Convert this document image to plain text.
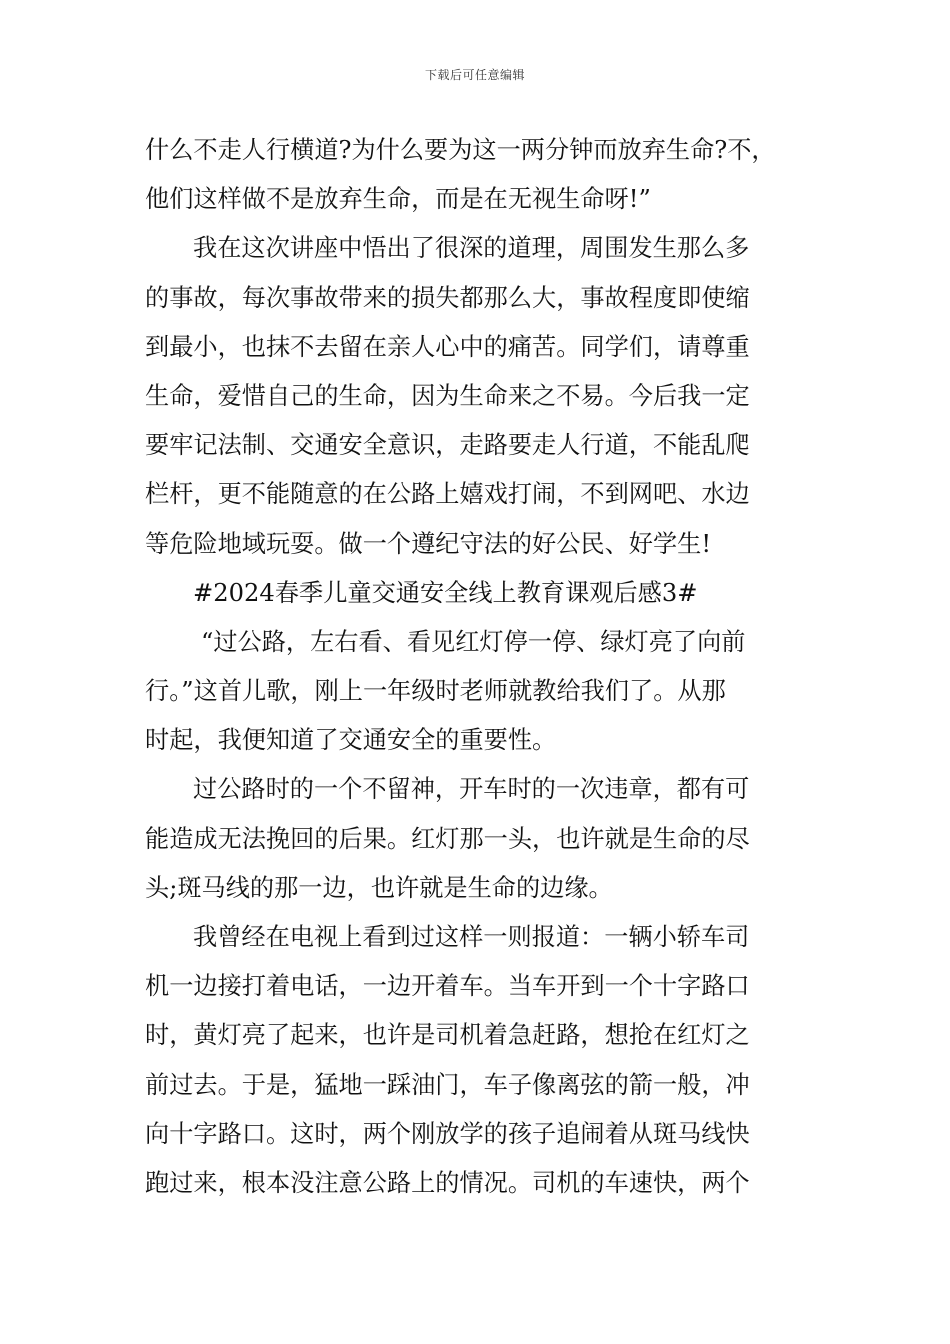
下载后可任意编辑
什么不走人行横道?为什么要为这一两分钟而放弃生命?不，
他们这样做不是放弃生命，而是在无视生命呀!”
我在这次讲座中悟出了很深的道理，周围发生那么多
的事故，每次事故带来的损失都那么大，事故程度即使缩
到最小，也抹不去留在亲人心中的痛苦。同学们，请尊重
生命，爱惜自己的生命，因为生命来之不易。今后我一定
要牢记法制、交通安全意识，走路要走人行道，不能乱爬
栏杆，更不能随意的在公路上嬉戏打闹，不到网吧、水边
等危险地域玩耍。做一个遵纪守法的好公民、好学生!
#2024春季儿童交通安全线上教育课观后感3#
“过公路，左右看、看见红灯停一停、绿灯亮了向前
行。”这首儿歌，刚上一年级时老师就教给我们了。从那
时起，我便知道了交通安全的重要性。
过公路时的一个不留神，开车时的一次违章，都有可
能造成无法挽回的后果。红灯那一头，也许就是生命的尽
头;斑马线的那一边，也许就是生命的边缘。
我曾经在电视上看到过这样一则报道：一辆小轿车司
机一边接打着电话，一边开着车。当车开到一个十字路口
时，黄灯亮了起来，也许是司机着急赶路，想抢在红灯之
前过去。于是，猛地一踩油门，车子像离弦的箭一般，冲
向十字路口。这时，两个刚放学的孩子追闹着从斑马线快
跑过来，根本没注意公路上的情况。司机的车速快，两个
